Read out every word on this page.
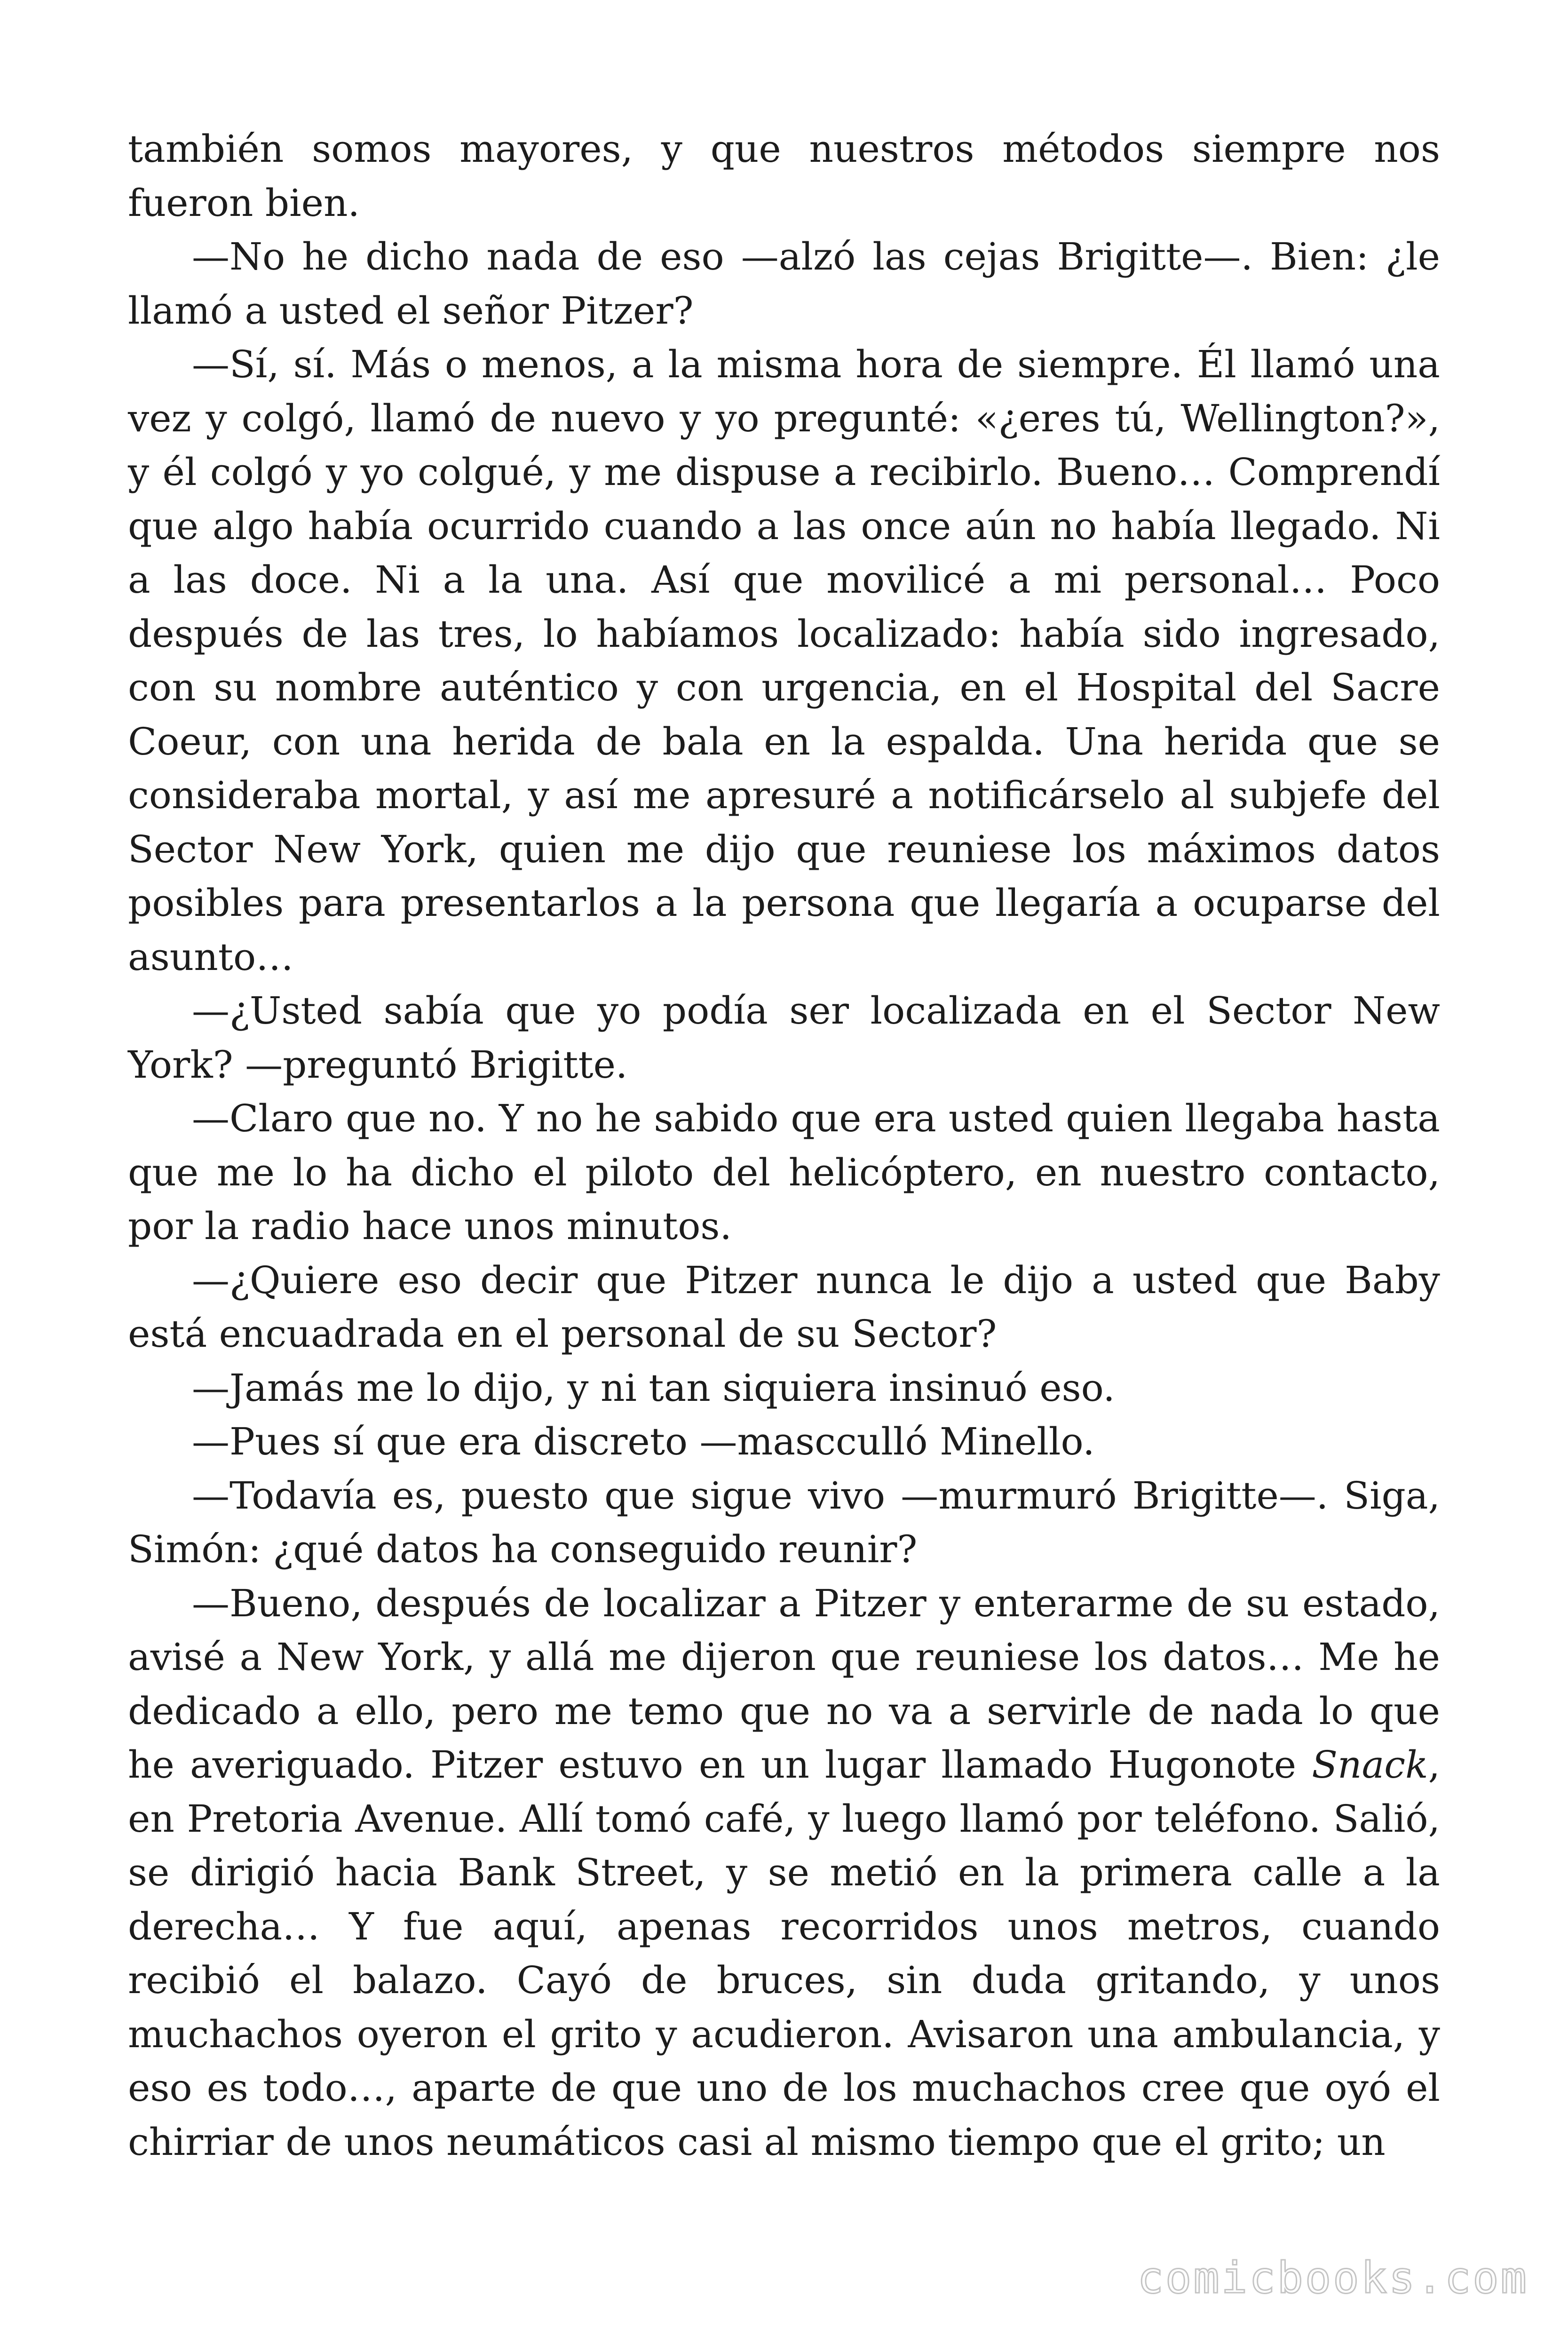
también somos mayores, y que nuestros métodos siempre nos fueron bien.

—No he dicho nada de eso —alzó las cejas Brigitte—. Bien: ¿le llamó a usted el señor Pitzer?

—Sí, sí. Más o menos, a la misma hora de siempre. Él llamó una vez y colgó, llamó de nuevo y yo pregunté: «¿eres tú, Wellington?», y él colgó y yo colgué, y me dispuse a recibirlo. Bueno… Comprendí que algo había ocurrido cuando a las once aún no había llegado. Ni a las doce. Ni a la una. Así que movilicé a mi personal… Poco después de las tres, lo habíamos localizado: había sido ingresado, con su nombre auténtico y con urgencia, en el Hospital del Sacre Coeur, con una herida de bala en la espalda. Una herida que se consideraba mortal, y así me apresuré a notificárselo al subjefe del Sector New York, quien me dijo que reuniese los máximos datos posibles para presentarlos a la persona que llegaría a ocuparse del asunto…

—¿Usted sabía que yo podía ser localizada en el Sector New York? —preguntó Brigitte.

—Claro que no. Y no he sabido que era usted quien llegaba hasta que me lo ha dicho el piloto del helicóptero, en nuestro contacto, por la radio hace unos minutos.

—¿Quiere eso decir que Pitzer nunca le dijo a usted que Baby está encuadrada en el personal de su Sector?

—Jamás me lo dijo, y ni tan siquiera insinuó eso.

—Pues sí que era discreto —mascculló Minello.

—Todavía es, puesto que sigue vivo —murmuró Brigitte—. Siga, Simón: ¿qué datos ha conseguido reunir?

—Bueno, después de localizar a Pitzer y enterarme de su estado, avisé a New York, y allá me dijeron que reuniese los datos… Me he dedicado a ello, pero me temo que no va a servirle de nada lo que he averiguado. Pitzer estuvo en un lugar llamado Hugonote Snack, en Pretoria Avenue. Allí tomó café, y luego llamó por teléfono. Salió, se dirigió hacia Bank Street, y se metió en la primera calle a la derecha… Y fue aquí, apenas recorridos unos metros, cuando recibió el balazo. Cayó de bruces, sin duda gritando, y unos muchachos oyeron el grito y acudieron. Avisaron una ambulancia, y eso es todo…, aparte de que uno de los muchachos cree que oyó el chirriar de unos neumáticos casi al mismo tiempo que el grito; un

comicbooks.com
